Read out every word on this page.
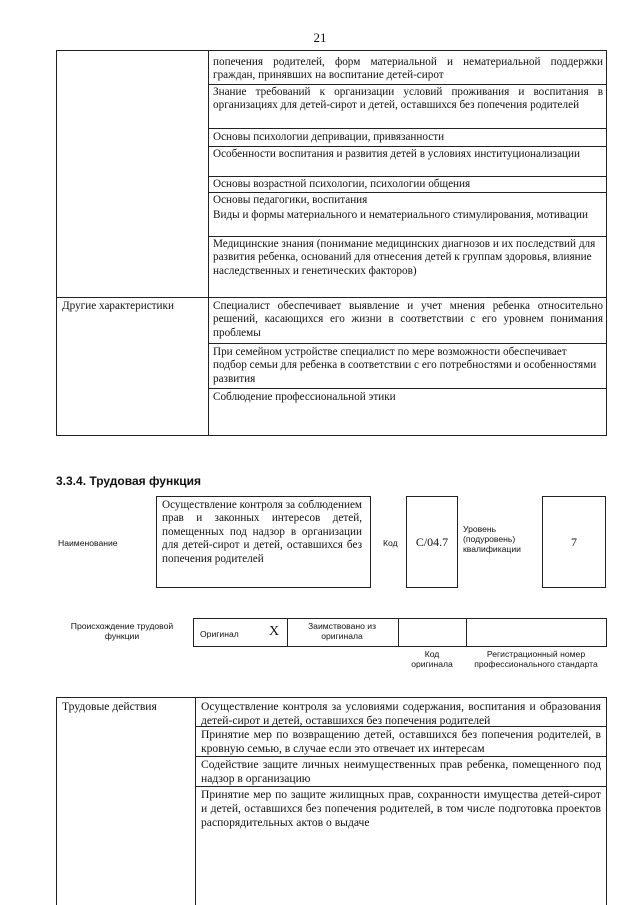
21
попечения родителей, форм материальной и нематериальной поддержки граждан, принявших на воспитание детей-сирот
Знание требований к организации условий проживания и воспитания в организациях для детей-сирот и детей, оставшихся без попечения родителей
Основы психологии депривации, привязанности
Особенности воспитания и развития детей в условиях институционализации
Основы возрастной психологии, психологии общения
Основы педагогики, воспитания
Виды и формы материального и нематериального стимулирования, мотивации
Медицинские знания (понимание медицинских диагнозов и их последствий для развития ребенка, оснований для отнесения детей к группам здоровья, влияние наследственных и генетических факторов)
Другие характеристики	Специалист обеспечивает выявление и учет мнения ребенка относительно решений, касающихся его жизни в соответствии с его уровнем понимания проблемы
При семейном устройстве специалист по мере возможности обеспечивает подбор семьи для ребенка в соответствии с его потребностями и особенностями развития
Соблюдение профессиональной этики
3.3.4. Трудовая функция
Наименование
Осуществление контроля за соблюдением прав и законных интересов детей, помещенных под надзор в организации для детей-сирот и детей, оставшихся без попечения родителей
Код	С/04.7
Уровень (подуровень) квалификации	7
Происхождение трудовой функции	Оригинал Х	Заимствовано из оригинала
Код оригинала
Регистрационный номер профессионального стандарта
Трудовые действия	Осуществление контроля за условиями содержания, воспитания и образования детей-сирот и детей, оставшихся без попечения родителей
Принятие мер по возвращению детей, оставшихся без попечения родителей, в кровную семью, в случае если это отвечает их интересам
Содействие защите личных неимущественных прав ребенка, помещенного под надзор в организацию
Принятие мер по защите жилищных прав, сохранности имущества детей-сирот и детей, оставшихся без попечения родителей, в том числе подготовка проектов распорядительных актов о выдаче
